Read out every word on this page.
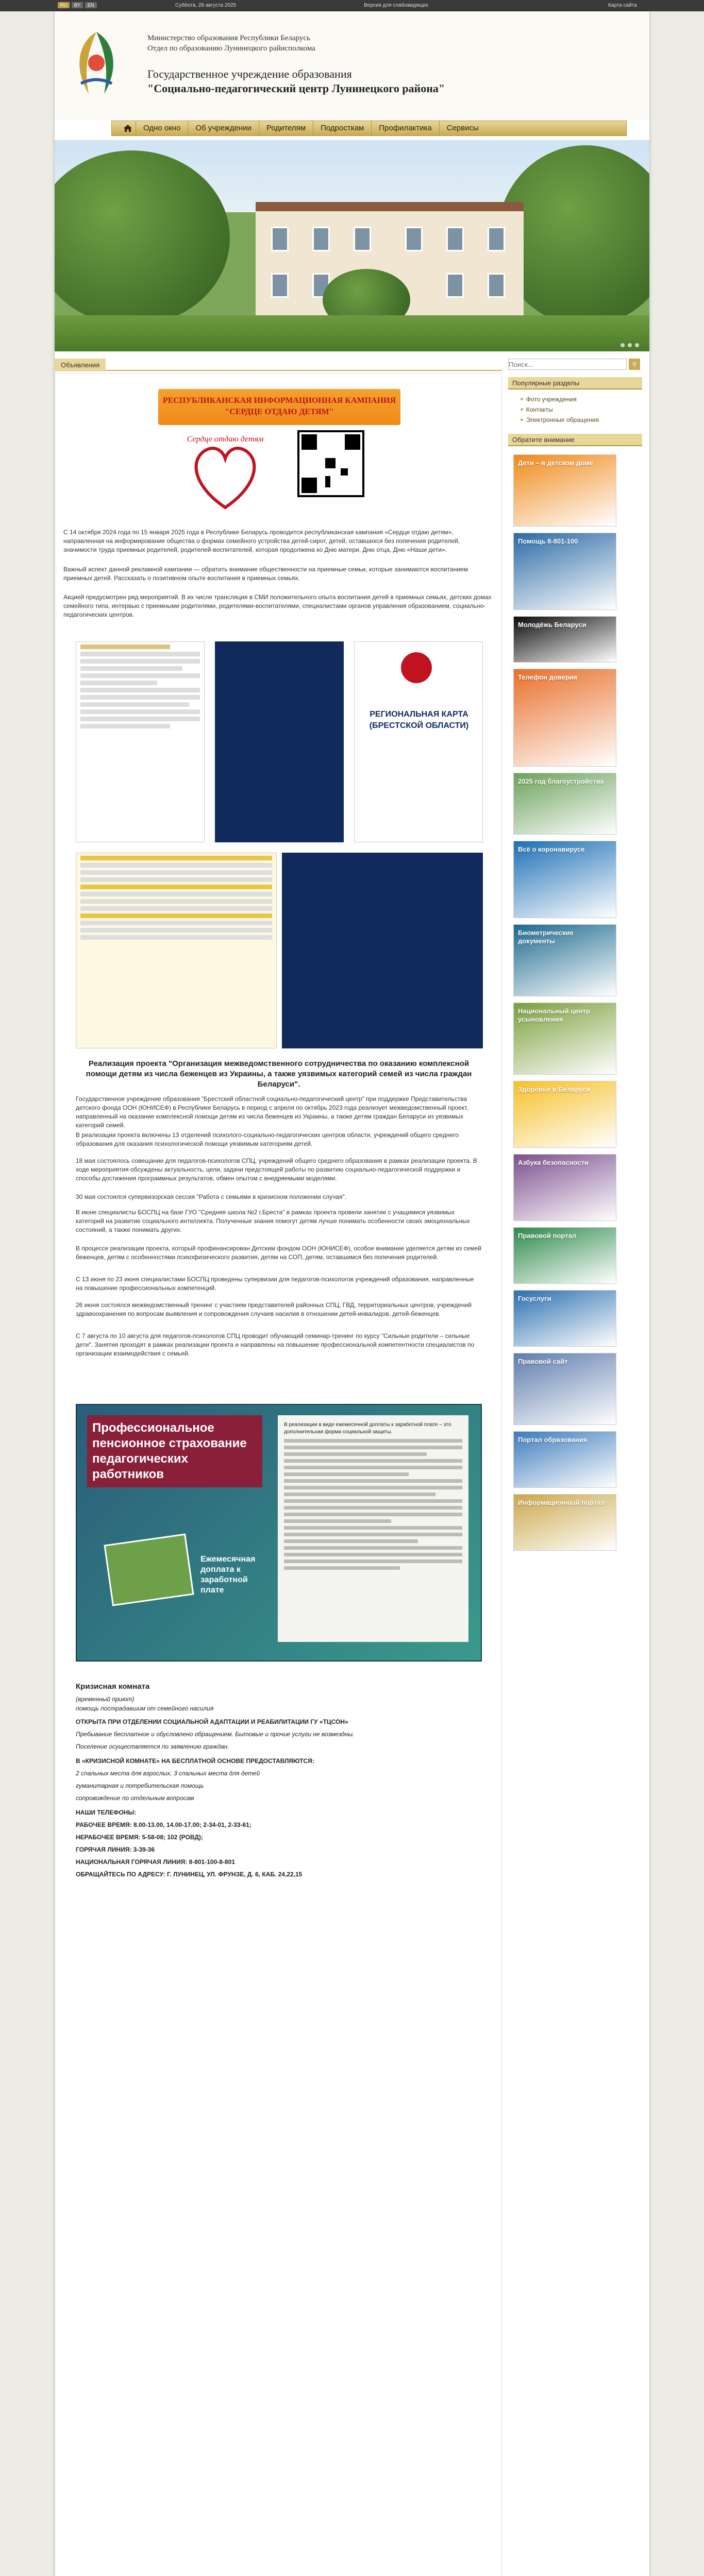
RU	BY	EN	Суббота, 28 августа 2025	Версия для слабовидящих	Карта сайта
Министерство образования Республики Беларусь
Отдел по образованию Лунинецкого райисполкома
Государственное учреждение образования
"Социально-педагогический центр Лунинецкого района"
Одно окно	Об учреждении	Родителям	Подросткам	Профилактика	Сервисы
Объявления
РЕСПУБЛИКАНСКАЯ ИНФОРМАЦИОННАЯ КАМПАНИЯ
"СЕРДЦЕ ОТДАЮ ДЕТЯМ"
Сердце отдаю детям
С 14 октября 2024 года по 15 января 2025 года в Республике Беларусь проводится республиканская кампания «Сердце отдаю детям», направленная на информирование общества о формах семейного устройства детей-сирот, детей, оставшихся без попечения родителей, значимости труда приемных родителей, родителей-воспитателей, которая продолжена ко Дню матери, Дню отца, Дню «Наши дети».
Важный аспект данной рекламной кампании — обратить внимание общественности на приемные семьи, которые занимаются воспитанием приемных детей. Рассказать о позитивном опыте воспитания в приемных семьях.
Акцией предусмотрен ряд мероприятий. В их числе трансляция в СМИ положительного опыта воспитания детей в приемных семьях, детских домах семейного типа, интервью с приемными родителями, родителями-воспитателями, специалистами органов управления образованием, социально-педагогических центров.
РЕГИОНАЛЬНАЯ КАРТА (БРЕСТСКОЙ ОБЛАСТИ)
Реализация проекта "Организация межведомственного сотрудничества по оказанию комплексной помощи детям из числа беженцев из Украины, а также уязвимых категорий семей из числа граждан Беларуси".
Государственное учреждение образования "Брестский областной социально-педагогический центр" при поддержке Представительства детского фонда ООН (ЮНИСЕФ) в Республике Беларусь в период с апреля по октябрь 2023 года реализует межведомственный проект, направленный на оказание комплексной помощи детям из числа беженцев из Украины, а также детям граждан Беларуси из уязвимых категорий семей.
В реализации проекта включены 13 отделений психолого-социально-педагогических центров области, учреждений общего среднего образования для оказания психологической помощи уязвимым категориям детей.
18 мая состоялось совещание для педагогов-психологов СПЦ, учреждений общего среднего образования в рамках реализации проекта. В ходе мероприятия обсуждены актуальность, цели, задачи предстоящей работы по развитию социально-педагогической поддержки и способы достижения программных результатов, обмен опытом с внедряемыми моделями.
30 мая состоялся супервизорская сессия "Работа с семьями в кризисном положении случая".
В июне специалисты БОСПЦ на базе ГУО "Средняя школа №2 г.Бреста" в рамках проекта провели занятие с учащимися уязвимых категорий на развитие социального интеллекта. Полученные знания помогут детям лучше понимать особенности своих эмоциональных состояний, а также понимать других.
В процессе реализации проекта, который профинансирован Детским фондом ООН (ЮНИСЕФ), особое внимание уделяется детям из семей беженцев, детям с особенностями психофизического развития, детям на СОП, детям, оставшимся без попечения родителей.
С 13 июня по 23 июня специалистами БОСПЦ проведены супервизии для педагогов-психологов учреждений образования, направленные на повышение профессиональных компетенций.
26 июня состоялся межведомственный тренинг с участием представителей районных СПЦ, ГВД, территориальных центров, учреждений здравоохранения по вопросам выявления и сопровождения случаев насилия в отношении детей-инвалидов, детей-беженцев.
С 7 августа по 10 августа для педагогов-психологов СПЦ проводит обучающий семинар-тренинг по курсу "Сильные родители – сильные дети". Занятия проходят в рамках реализации проекта и направлены на повышение профессиональной компетентности специалистов по организации взаимодействия с семьей.
Профессиональное пенсионное страхование педагогических работников
Ежемесячная доплата к заработной плате
В реализации в виде ежемесячной доплаты к заработной плате – это дополнительная форма социальной защиты.
Кризисная комната
(временный приют)
помощь пострадавшим от семейного насилия
ОТКРЫТА ПРИ ОТДЕЛЕНИИ СОЦИАЛЬНОЙ АДАПТАЦИИ И РЕАБИЛИТАЦИИ ГУ «ТЦСОН»
Пребывание бесплатное и обусловлено обращением. Бытовые и прочие услуги не возмездны.
Поселение осуществляется по заявлению граждан.
В «КРИЗИСНОЙ КОМНАТЕ» НА БЕСПЛАТНОЙ ОСНОВЕ ПРЕДОСТАВЛЯЮТСЯ:
2 спальных места для взрослых, 3 спальных места для детей
гуманитарная и потребительская помощь
сопровождение по отдельным вопросам
НАШИ ТЕЛЕФОНЫ:
РАБОЧЕЕ ВРЕМЯ: 8.00-13.00, 14.00-17.00; 2-34-01, 2-33-61;
НЕРАБОЧЕЕ ВРЕМЯ: 5-58-08; 102 (РОВД);
ГОРЯЧАЯ ЛИНИЯ: 3-39-36
НАЦИОНАЛЬНАЯ ГОРЯЧАЯ ЛИНИЯ: 8-801-100-8-801
ОБРАЩАЙТЕСЬ ПО АДРЕСУ: Г. ЛУНИНЕЦ, УЛ. ФРУНЗЕ, Д. 6, КАБ. 24,22,15
Поиск...
⚲
Популярные разделы
■ Фото учреждения
■ Контакты
■ Электронные обращения
Обратите внимание
Дети – в детском доме
Помощь 8-801-100
Молодёжь Беларуси
Телефон доверия
2025 год благоустройства
Всё о коронавирусе
Биометрические документы
Национальный центр усыновления
Здоровье в Беларуси
Азбука безопасности
Правовой портал
Госуслуги
Правовой сайт
Портал образования
Информационный портал
